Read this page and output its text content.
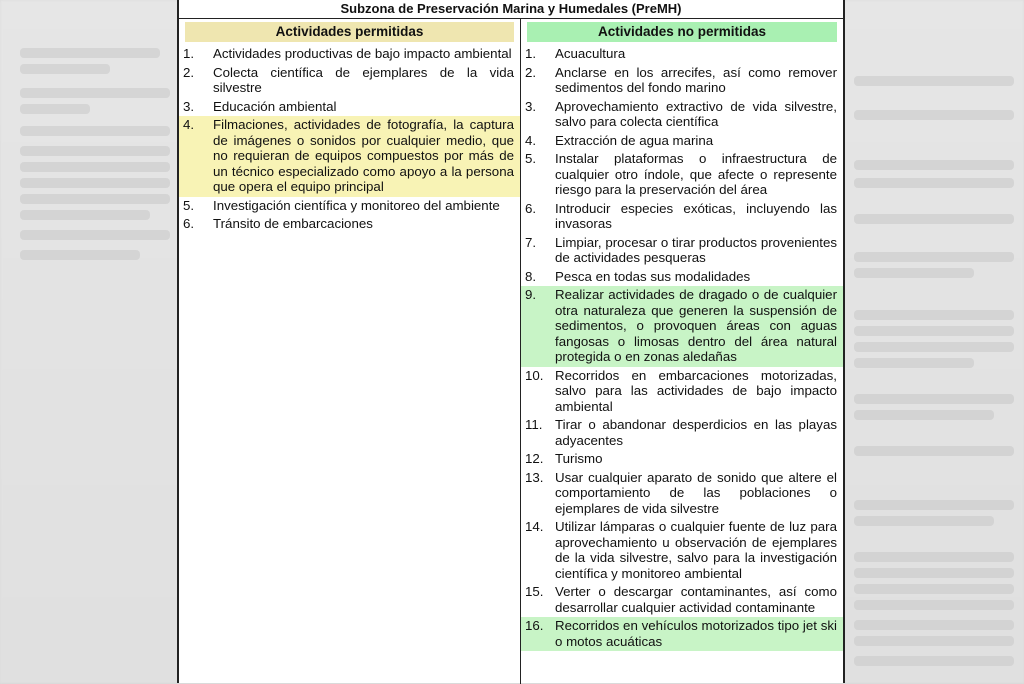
Subzona de Preservación Marina y Humedales (PreMH)
Actividades permitidas
1.	Actividades productivas de bajo impacto ambiental
2.	Colecta científica de ejemplares de la vida silvestre
3.	Educación ambiental
4.	Filmaciones, actividades de fotografía, la captura de imágenes o sonidos por cualquier medio, que no requieran de equipos compuestos por más de un técnico especializado como apoyo a la persona que opera el equipo principal
5.	Investigación científica y monitoreo del ambiente
6.	Tránsito de embarcaciones
Actividades no permitidas
1.	Acuacultura
2.	Anclarse en los arrecifes, así como remover sedimentos del fondo marino
3.	Aprovechamiento extractivo de vida silvestre, salvo para colecta científica
4.	Extracción de agua marina
5.	Instalar plataformas o infraestructura de cualquier otro índole, que afecte o represente riesgo para la preservación del área
6.	Introducir especies exóticas, incluyendo las invasoras
7.	Limpiar, procesar o tirar productos provenientes de actividades pesqueras
8.	Pesca en todas sus modalidades
9.	Realizar actividades de dragado o de cualquier otra naturaleza que generen la suspensión de sedimentos, o provoquen áreas con aguas fangosas o limosas dentro del área natural protegida o en zonas aledañas
10. Recorridos en embarcaciones motorizadas, salvo para las actividades de bajo impacto ambiental
11. Tirar o abandonar desperdicios en las playas adyacentes
12. Turismo
13. Usar cualquier aparato de sonido que altere el comportamiento de las poblaciones o ejemplares de vida silvestre
14. Utilizar lámparas o cualquier fuente de luz para aprovechamiento u observación de ejemplares de la vida silvestre, salvo para la investigación científica y monitoreo ambiental
15. Verter o descargar contaminantes, así como desarrollar cualquier actividad contaminante
16. Recorridos en vehículos motorizados tipo jet ski o motos acuáticas
